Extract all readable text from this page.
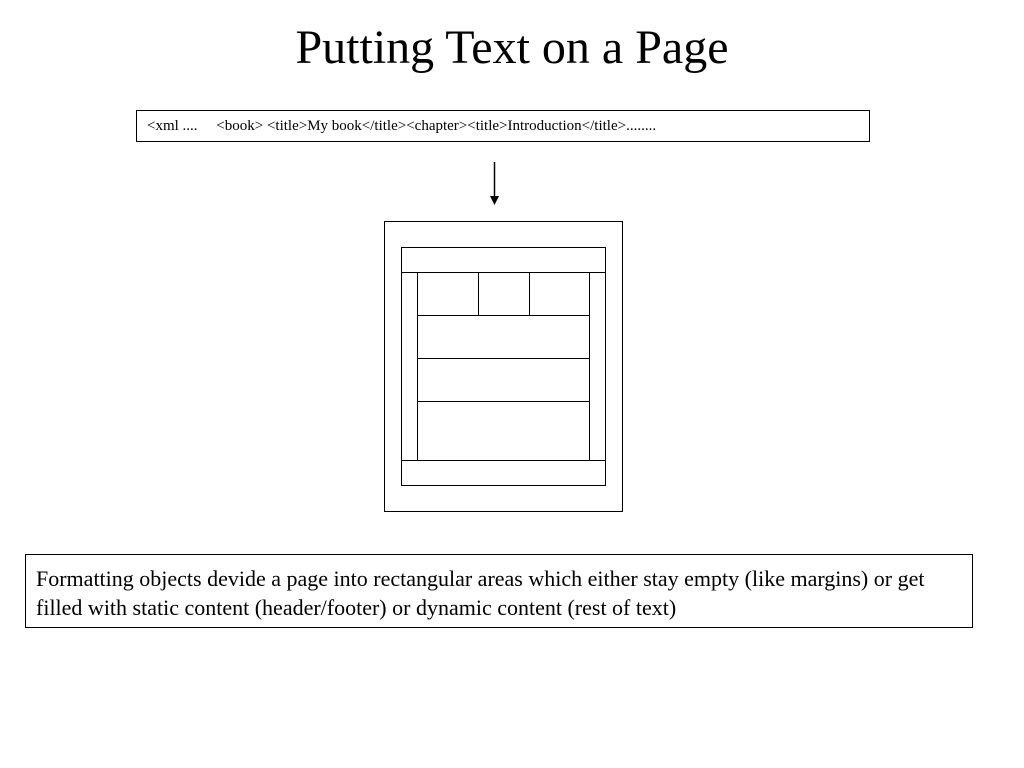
Putting Text on a Page
<xml ....     <book> <title>My book</title><chapter><title>Introduction</title>........
Formatting objects devide a page into rectangular areas which either stay empty (like margins) or get filled with static content (header/footer) or dynamic content (rest of text)
